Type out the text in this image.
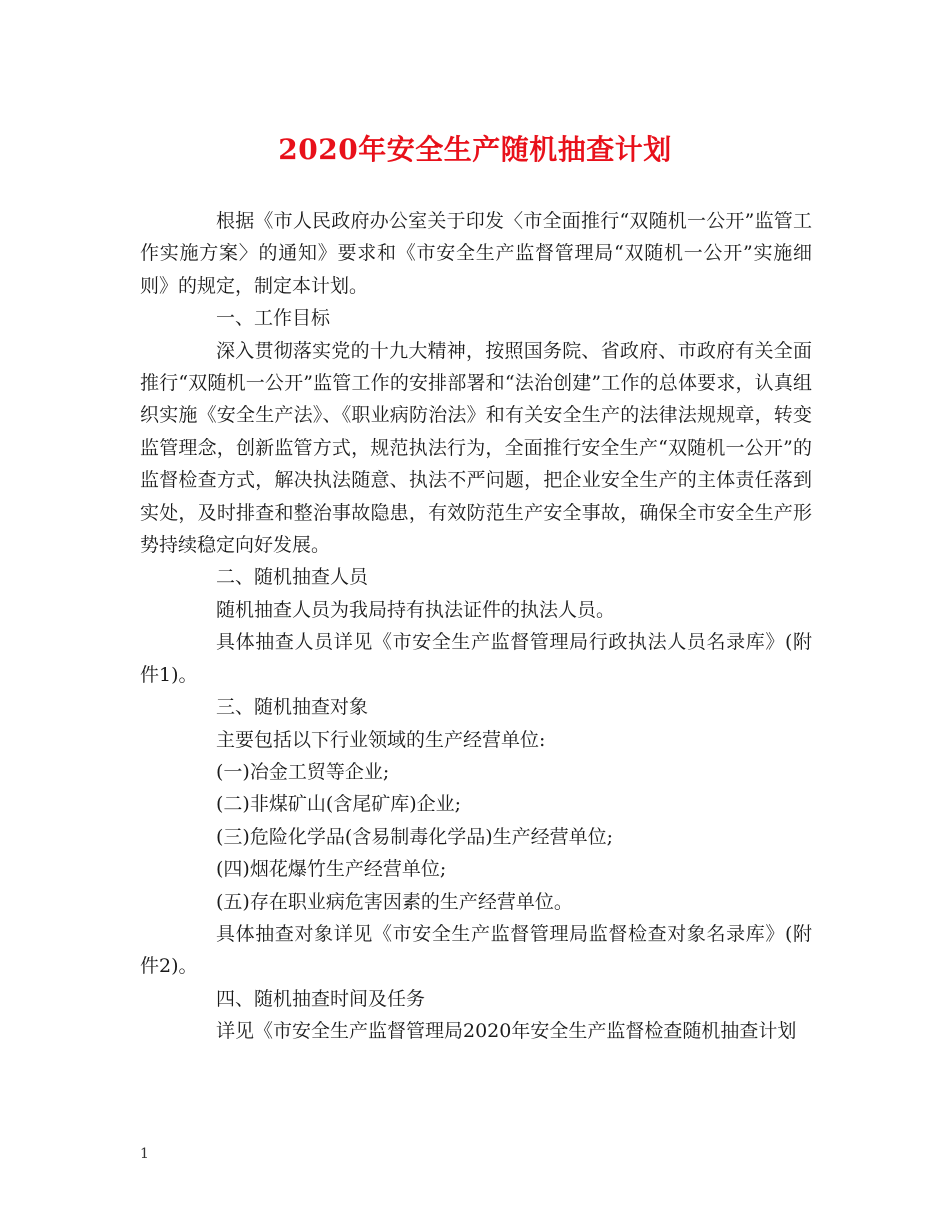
2020年安全生产随机抽查计划

根据《市人民政府办公室关于印发〈市全面推行“双随机一公开”监管工作实施方案〉的通知》要求和《市安全生产监督管理局“双随机一公开”实施细则》的规定，制定本计划。

一、工作目标

深入贯彻落实党的十九大精神，按照国务院、省政府、市政府有关全面推行“双随机一公开”监管工作的安排部署和“法治创建”工作的总体要求，认真组织实施《安全生产法》、《职业病防治法》和有关安全生产的法律法规规章，转变监管理念，创新监管方式，规范执法行为，全面推行安全生产“双随机一公开”的监督检查方式，解决执法随意、执法不严问题，把企业安全生产的主体责任落到实处，及时排查和整治事故隐患，有效防范生产安全事故，确保全市安全生产形势持续稳定向好发展。

二、随机抽查人员

随机抽查人员为我局持有执法证件的执法人员。

具体抽查人员详见《市安全生产监督管理局行政执法人员名录库》(附件1)。

三、随机抽查对象

主要包括以下行业领域的生产经营单位:

(一)冶金工贸等企业;

(二)非煤矿山(含尾矿库)企业;

(三)危险化学品(含易制毒化学品)生产经营单位;

(四)烟花爆竹生产经营单位;

(五)存在职业病危害因素的生产经营单位。

具体抽查对象详见《市安全生产监督管理局监督检查对象名录库》(附件2)。

四、随机抽查时间及任务

详见《市安全生产监督管理局2020年安全生产监督检查随机抽查计划

1
